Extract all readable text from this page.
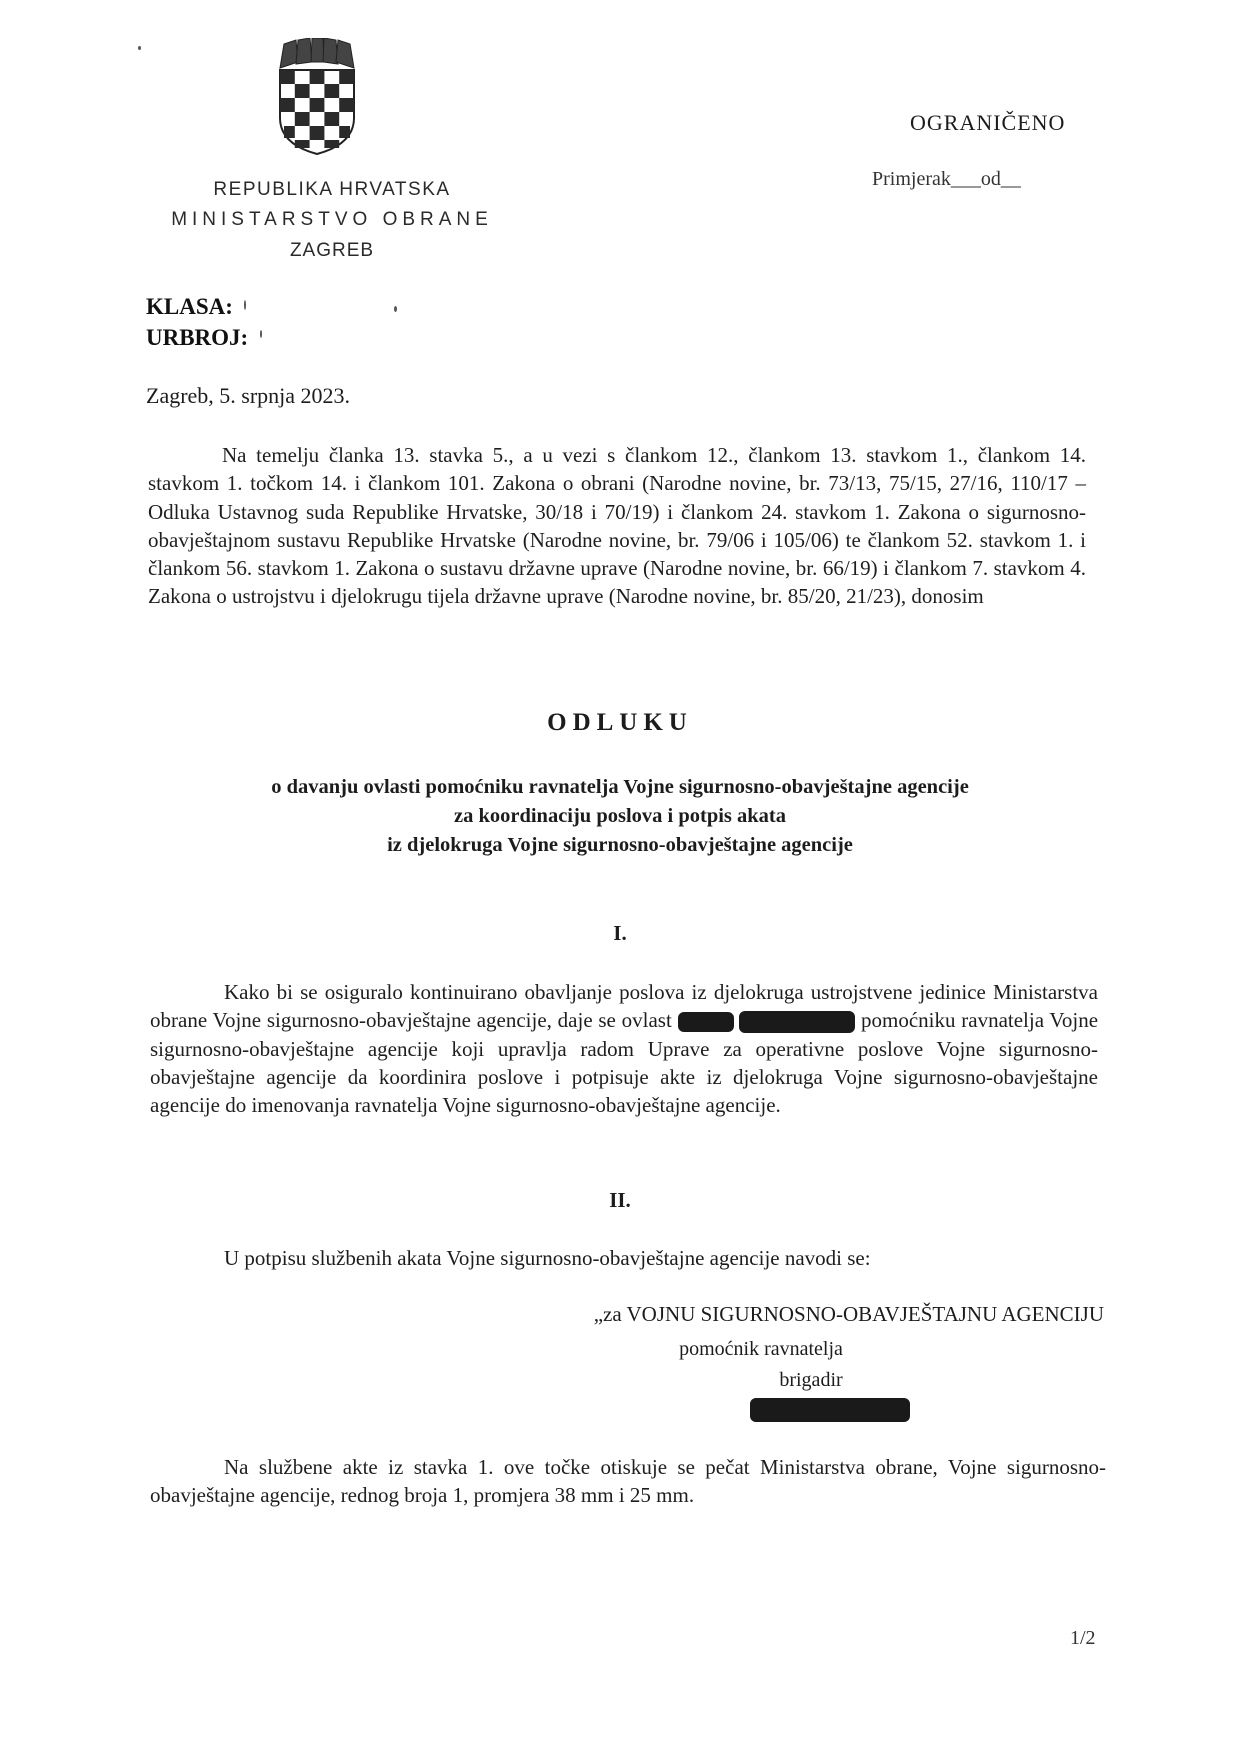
REPUBLIKA HRVATSKA
MINISTARSTVO OBRANE
ZAGREB
OGRANIČENO
Primjerak___od__
KLASA:
URBROJ:
Zagreb, 5. srpnja 2023.
Na temelju članka 13. stavka 5., a u vezi s člankom 12., člankom 13. stavkom 1., člankom 14. stavkom 1. točkom 14. i člankom 101. Zakona o obrani (Narodne novine, br. 73/13, 75/15, 27/16, 110/17 – Odluka Ustavnog suda Republike Hrvatske, 30/18 i 70/19) i člankom 24. stavkom 1. Zakona o sigurnosno-obavještajnom sustavu Republike Hrvatske (Narodne novine, br. 79/06 i 105/06) te člankom 52. stavkom 1. i člankom 56. stavkom 1. Zakona o sustavu državne uprave (Narodne novine, br. 66/19) i člankom 7. stavkom 4. Zakona o ustrojstvu i djelokrugu tijela državne uprave (Narodne novine, br. 85/20, 21/23), donosim
ODLUKU
o davanju ovlasti pomoćniku ravnatelja Vojne sigurnosno-obavještajne agencije
za koordinaciju poslova i potpis akata
iz djelokruga Vojne sigurnosno-obavještajne agencije
I.
Kako bi se osiguralo kontinuirano obavljanje poslova iz djelokruga ustrojstvene jedinice Ministarstva obrane Vojne sigurnosno-obavještajne agencije, daje se ovlast	pomoćniku ravnatelja Vojne sigurnosno-obavještajne agencije koji upravlja radom Uprave za operativne poslove Vojne sigurnosno-obavještajne agencije da koordinira poslove i potpisuje akte iz djelokruga Vojne sigurnosno-obavještajne agencije do imenovanja ravnatelja Vojne sigurnosno-obavještajne agencije.
II.
U potpisu službenih akata Vojne sigurnosno-obavještajne agencije navodi se:
„za VOJNU SIGURNOSNO-OBAVJEŠTAJNU AGENCIJU
pomoćnik ravnatelja
brigadir
Na službene akte iz stavka 1. ove točke otiskuje se pečat Ministarstva obrane, Vojne sigurnosno-obavještajne agencije, rednog broja 1, promjera 38 mm i 25 mm.
1/2
